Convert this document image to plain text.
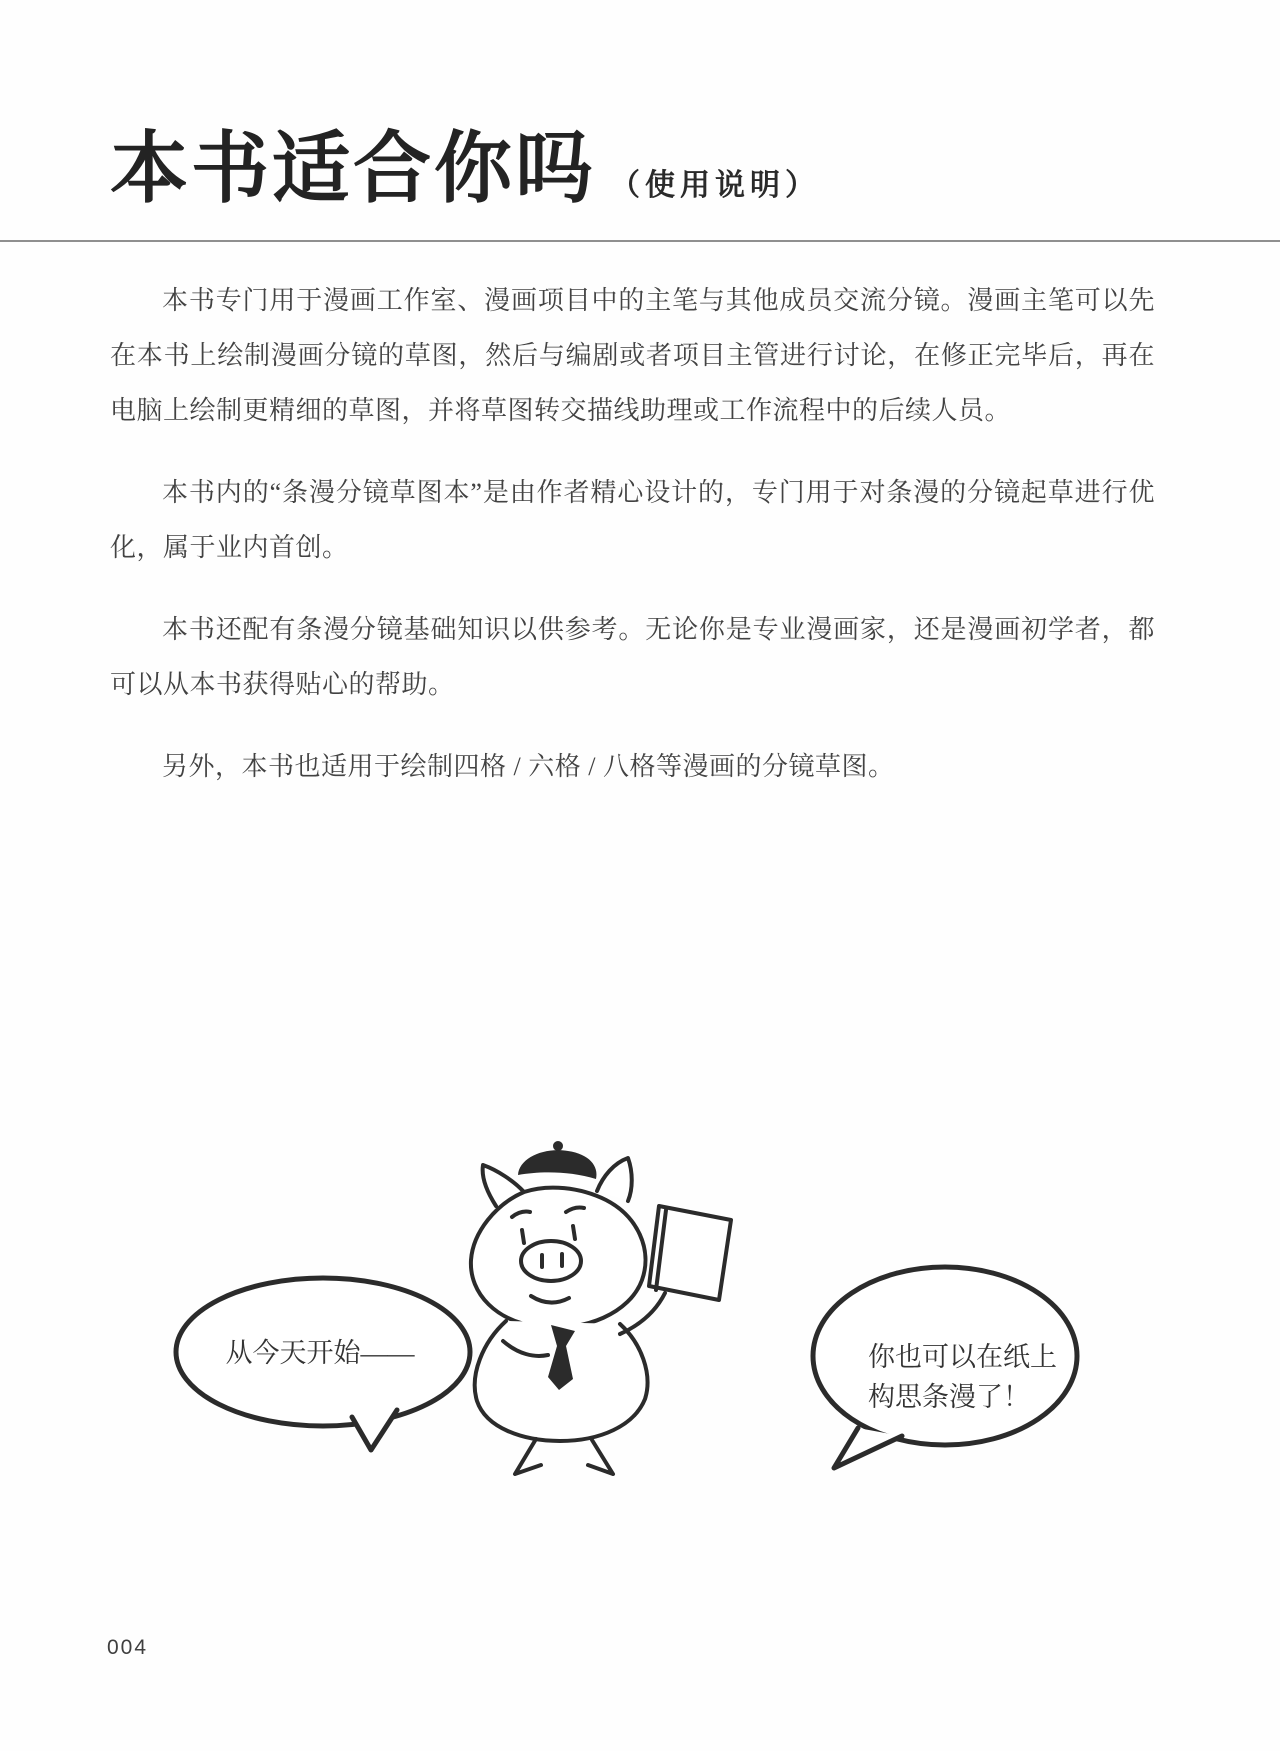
本书适合你吗 （使用说明）

本书专门用于漫画工作室、漫画项目中的主笔与其他成员交流分镜。漫画主笔可以先在本书上绘制漫画分镜的草图，然后与编剧或者项目主管进行讨论，在修正完毕后，再在电脑上绘制更精细的草图，并将草图转交描线助理或工作流程中的后续人员。

本书内的“条漫分镜草图本”是由作者精心设计的，专门用于对条漫的分镜起草进行优化，属于业内首创。

本书还配有条漫分镜基础知识以供参考。无论你是专业漫画家，还是漫画初学者，都可以从本书获得贴心的帮助。

另外，本书也适用于绘制四格 / 六格 / 八格等漫画的分镜草图。

从今天开始——	你也可以在纸上
构思条漫了！
004
